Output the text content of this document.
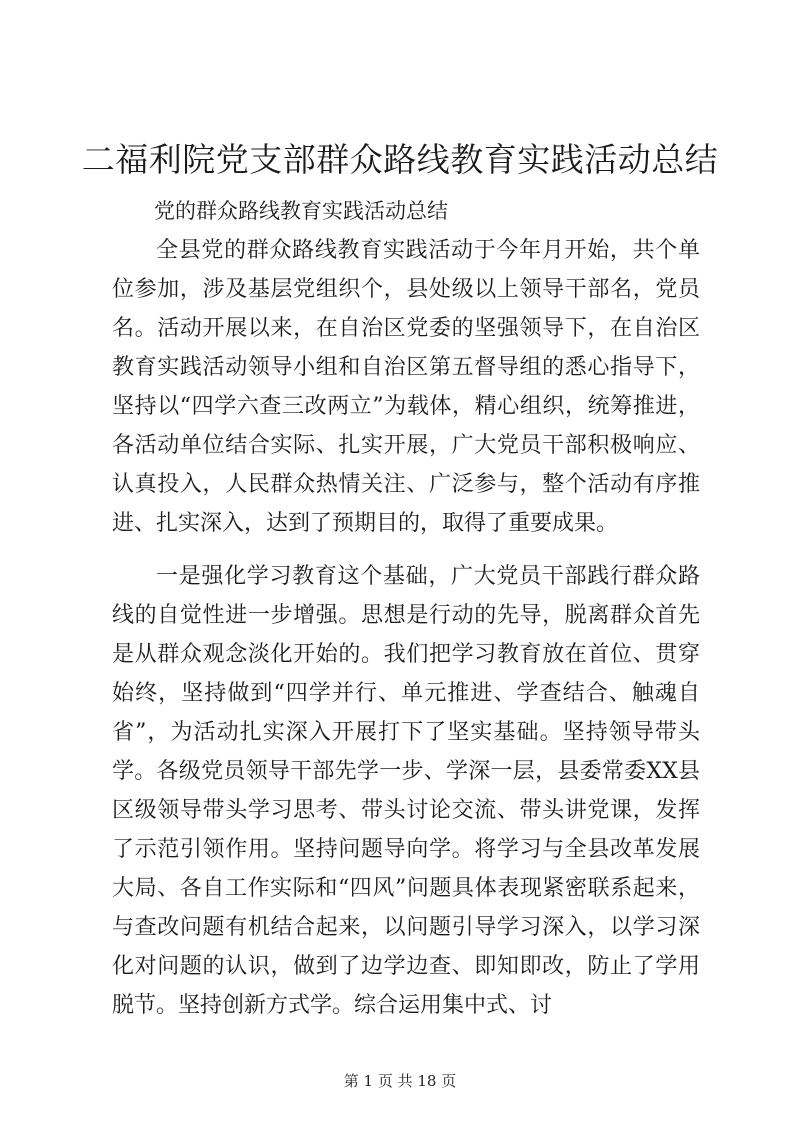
二福利院党支部群众路线教育实践活动总结

党的群众路线教育实践活动总结

全县党的群众路线教育实践活动于今年月开始，共个单位参加，涉及基层党组织个，县处级以上领导干部名，党员名。活动开展以来，在自治区党委的坚强领导下，在自治区教育实践活动领导小组和自治区第五督导组的悉心指导下，坚持以“四学六查三改两立”为载体，精心组织，统筹推进，各活动单位结合实际、扎实开展，广大党员干部积极响应、认真投入，人民群众热情关注、广泛参与，整个活动有序推进、扎实深入，达到了预期目的，取得了重要成果。

一是强化学习教育这个基础，广大党员干部践行群众路线的自觉性进一步增强。思想是行动的先导，脱离群众首先是从群众观念淡化开始的。我们把学习教育放在首位、贯穿始终，坚持做到“四学并行、单元推进、学查结合、触魂自省”，为活动扎实深入开展打下了坚实基础。坚持领导带头学。各级党员领导干部先学一步、学深一层，县委常委XX县区级领导带头学习思考、带头讨论交流、带头讲党课，发挥了示范引领作用。坚持问题导向学。将学习与全县改革发展大局、各自工作实际和“四风”问题具体表现紧密联系起来，与查改问题有机结合起来，以问题引导学习深入，以学习深化对问题的认识，做到了边学边查、即知即改，防止了学用脱节。坚持创新方式学。综合运用集中式、讨

第 1 页 共 18 页
